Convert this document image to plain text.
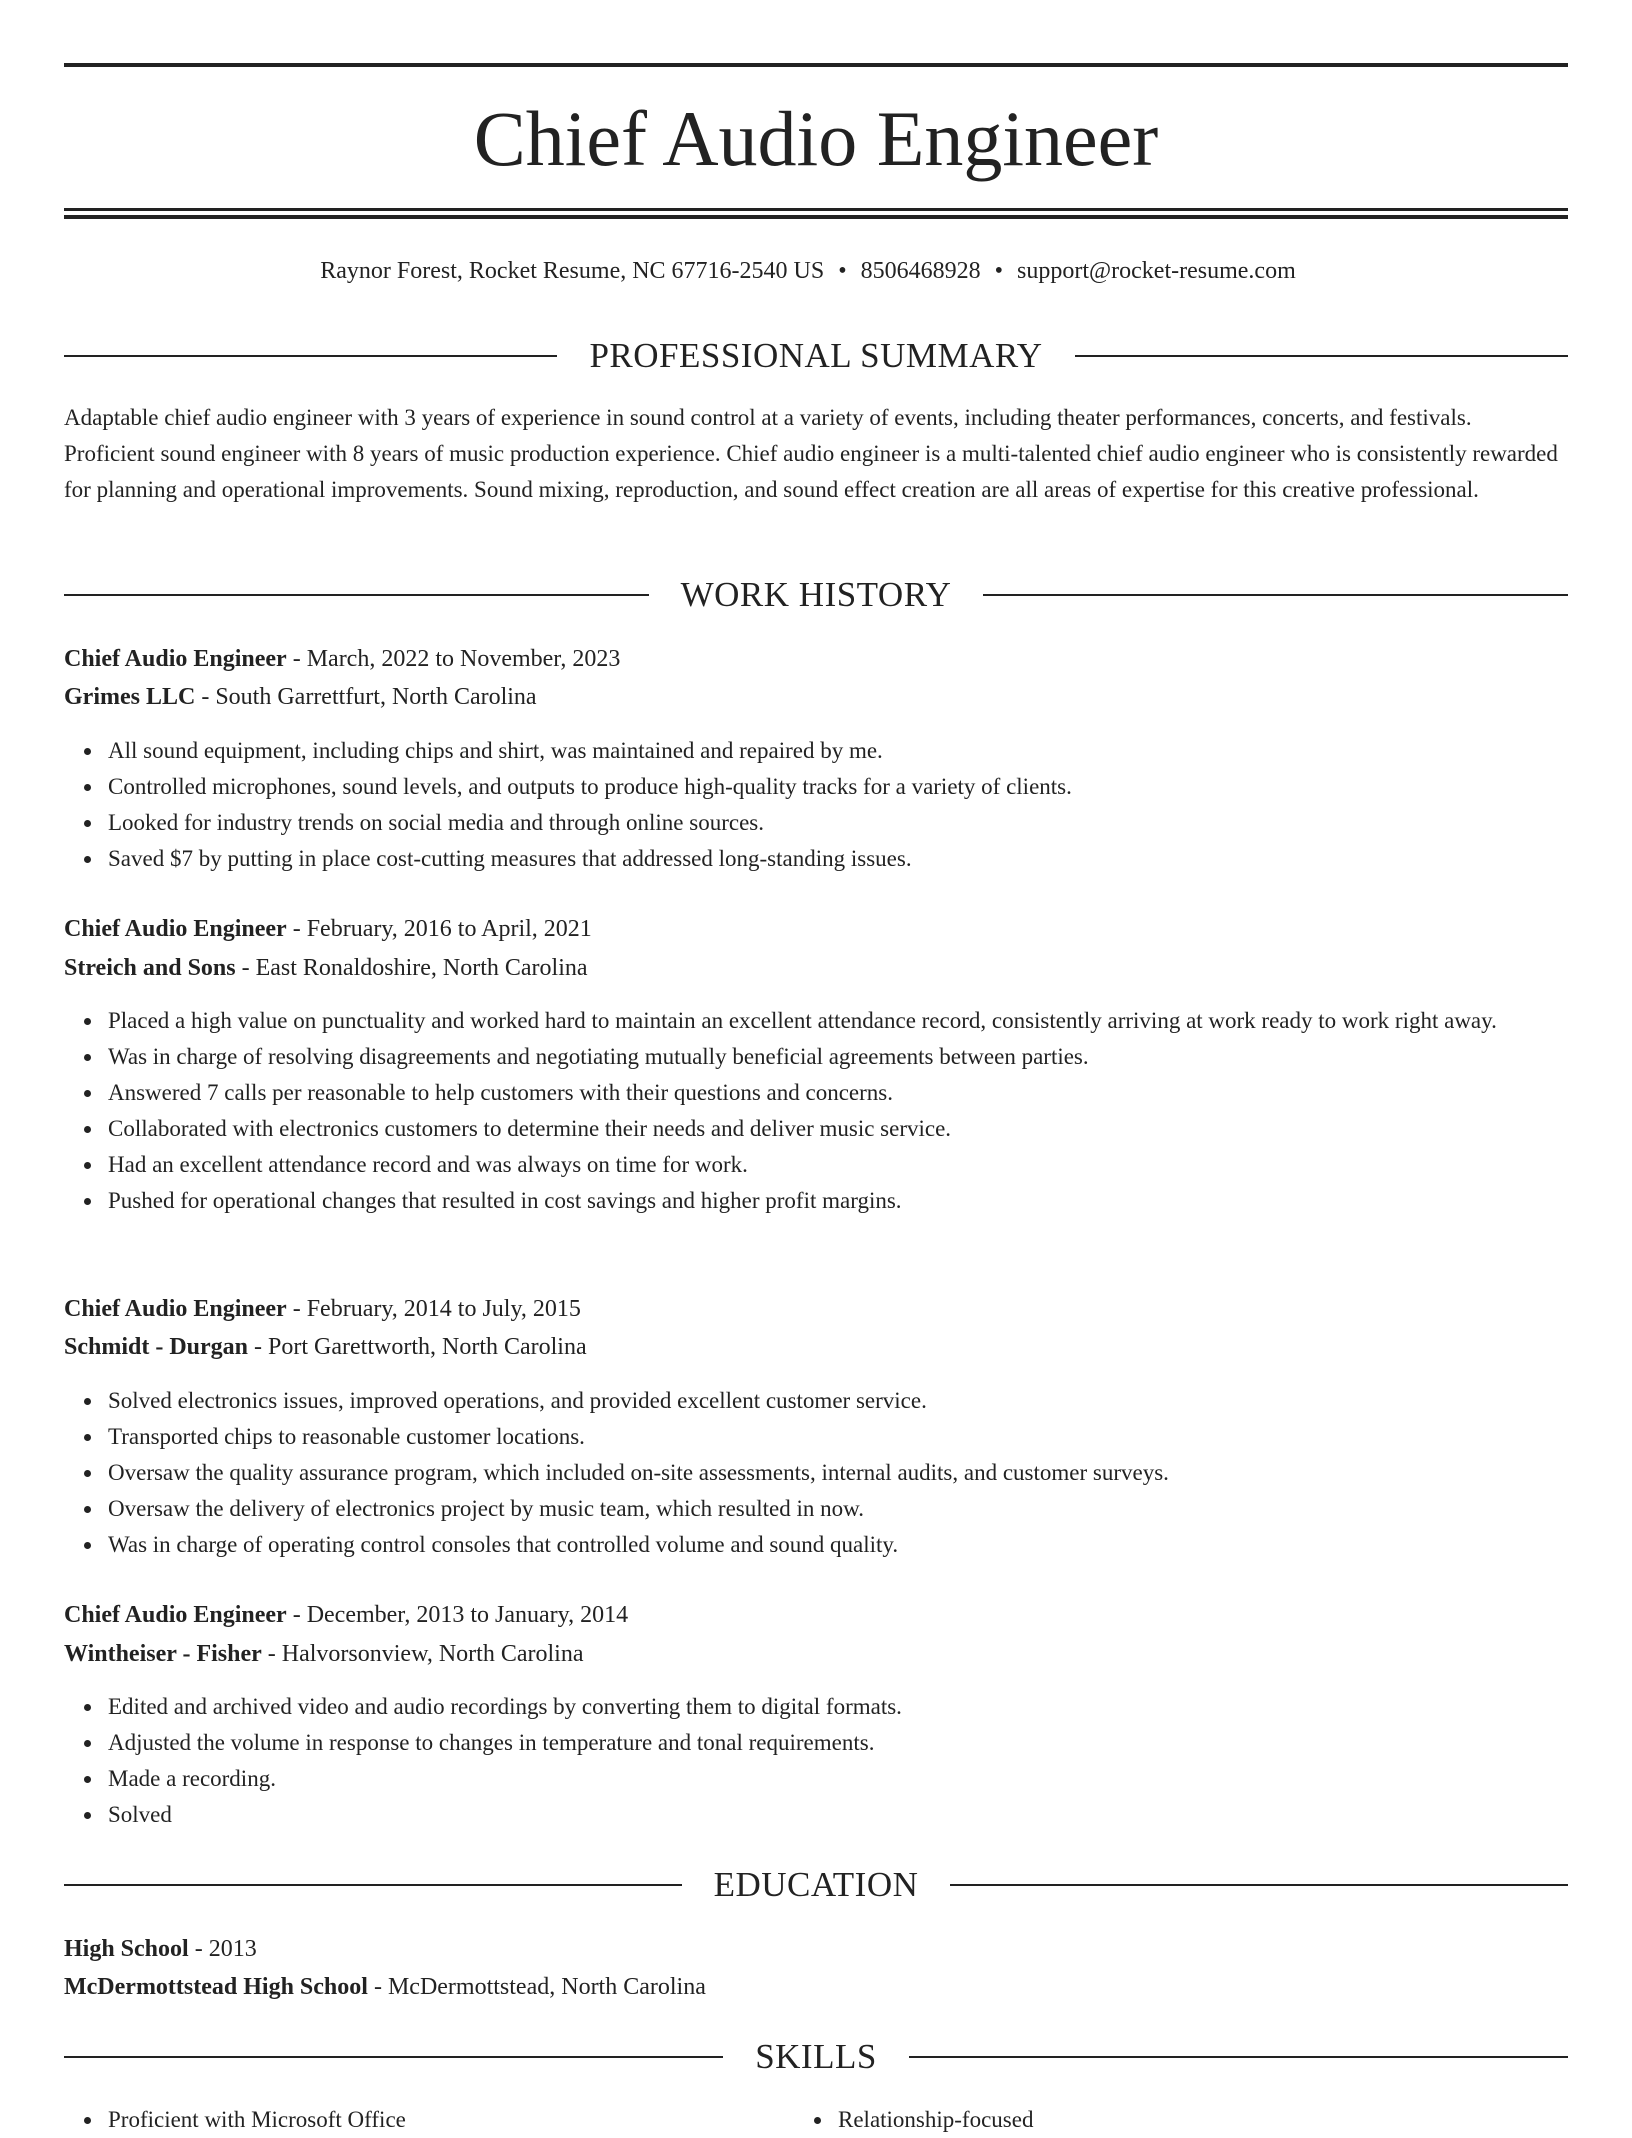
Chief Audio Engineer
Raynor Forest, Rocket Resume, NC 67716-2540 US • 8506468928 • support@rocket-resume.com
PROFESSIONAL SUMMARY

Adaptable chief audio engineer with 3 years of experience in sound control at a variety of events, including theater performances, concerts, and festivals. Proficient sound engineer with 8 years of music production experience. Chief audio engineer is a multi-talented chief audio engineer who is consistently rewarded for planning and operational improvements. Sound mixing, reproduction, and sound effect creation are all areas of expertise for this creative professional.

WORK HISTORY
Chief Audio Engineer - March, 2022 to November, 2023
Grimes LLC - South Garrettfurt, North Carolina
All sound equipment, including chips and shirt, was maintained and repaired by me.
Controlled microphones, sound levels, and outputs to produce high-quality tracks for a variety of clients.
Looked for industry trends on social media and through online sources.
Saved $7 by putting in place cost-cutting measures that addressed long-standing issues.
Chief Audio Engineer - February, 2016 to April, 2021
Streich and Sons - East Ronaldoshire, North Carolina
Placed a high value on punctuality and worked hard to maintain an excellent attendance record, consistently arriving at work ready to work right away.
Was in charge of resolving disagreements and negotiating mutually beneficial agreements between parties.
Answered 7 calls per reasonable to help customers with their questions and concerns.
Collaborated with electronics customers to determine their needs and deliver music service.
Had an excellent attendance record and was always on time for work.
Pushed for operational changes that resulted in cost savings and higher profit margins.
Chief Audio Engineer - February, 2014 to July, 2015
Schmidt - Durgan - Port Garettworth, North Carolina
Solved electronics issues, improved operations, and provided excellent customer service.
Transported chips to reasonable customer locations.
Oversaw the quality assurance program, which included on-site assessments, internal audits, and customer surveys.
Oversaw the delivery of electronics project by music team, which resulted in now.
Was in charge of operating control consoles that controlled volume and sound quality.
Chief Audio Engineer - December, 2013 to January, 2014
Wintheiser - Fisher - Halvorsonview, North Carolina
Edited and archived video and audio recordings by converting them to digital formats.
Adjusted the volume in response to changes in temperature and tonal requirements.
Made a recording.
Solved
EDUCATION
High School - 2013
McDermottstead High School - McDermottstead, North Carolina
SKILLS
Proficient with Microsoft Office	Relationship-focused
